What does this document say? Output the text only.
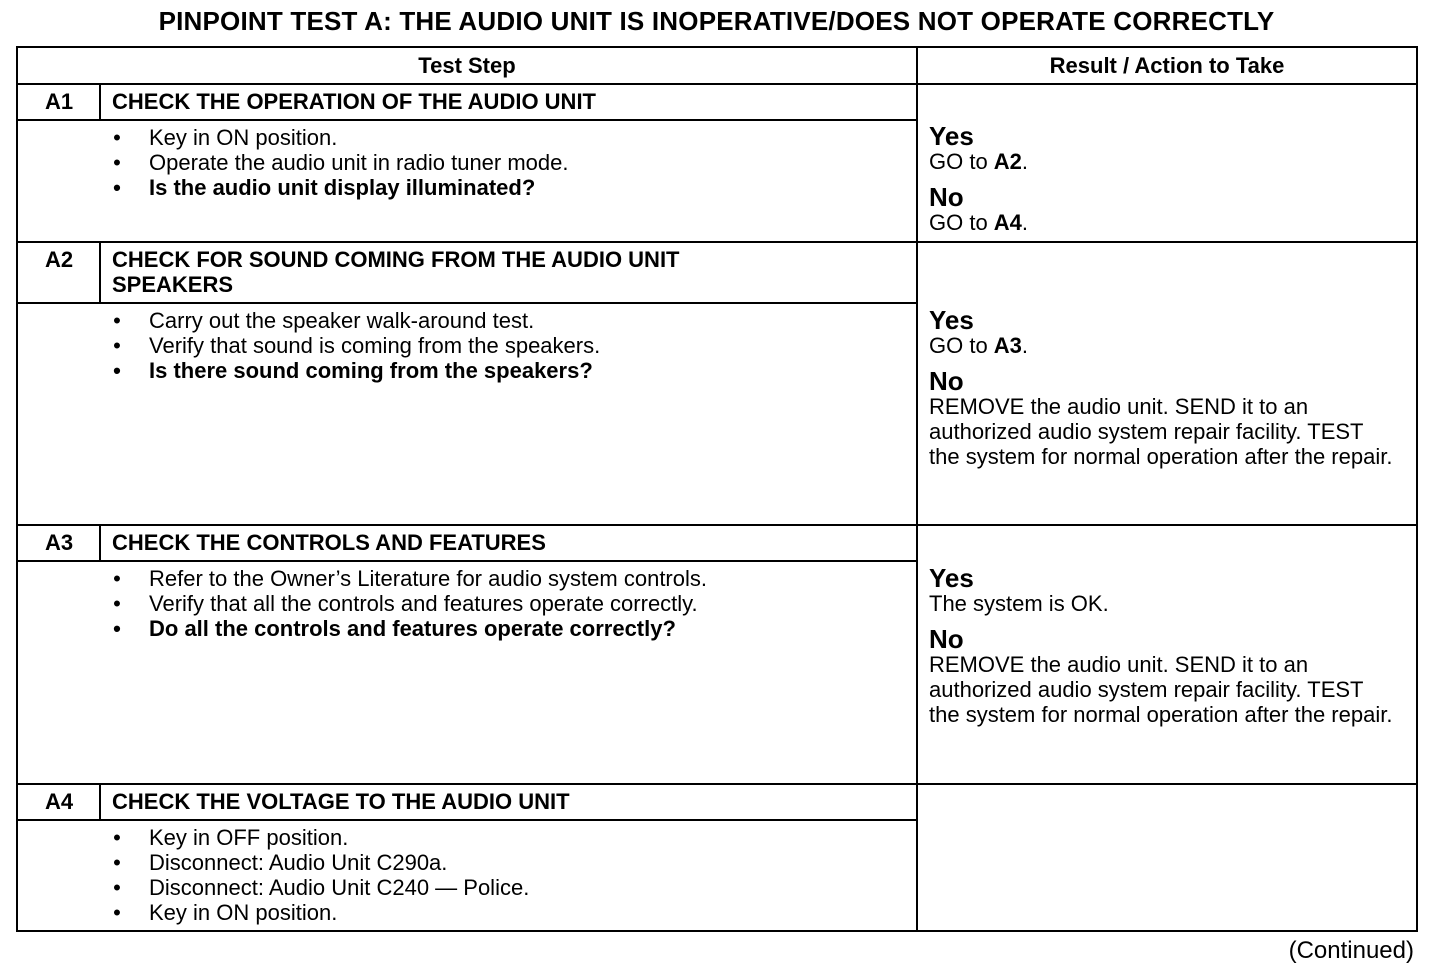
PINPOINT TEST A: THE AUDIO UNIT IS INOPERATIVE/DOES NOT OPERATE CORRECTLY
Test Step	Result / Action to Take
A1	CHECK THE OPERATION OF THE AUDIO UNIT
• Key in ON position.
• Operate the audio unit in radio tuner mode.
• Is the audio unit display illuminated?
Yes
GO to A2.
No
GO to A4.
A2	CHECK FOR SOUND COMING FROM THE AUDIO UNIT SPEAKERS
• Carry out the speaker walk-around test.
• Verify that sound is coming from the speakers.
• Is there sound coming from the speakers?
Yes
GO to A3.
No
REMOVE the audio unit. SEND it to an authorized audio system repair facility. TEST the system for normal operation after the repair.
A3	CHECK THE CONTROLS AND FEATURES
• Refer to the Owner’s Literature for audio system controls.
• Verify that all the controls and features operate correctly.
• Do all the controls and features operate correctly?
Yes
The system is OK.
No
REMOVE the audio unit. SEND it to an authorized audio system repair facility. TEST the system for normal operation after the repair.
A4	CHECK THE VOLTAGE TO THE AUDIO UNIT
• Key in OFF position.
• Disconnect: Audio Unit C290a.
• Disconnect: Audio Unit C240 — Police.
• Key in ON position.
(Continued)
